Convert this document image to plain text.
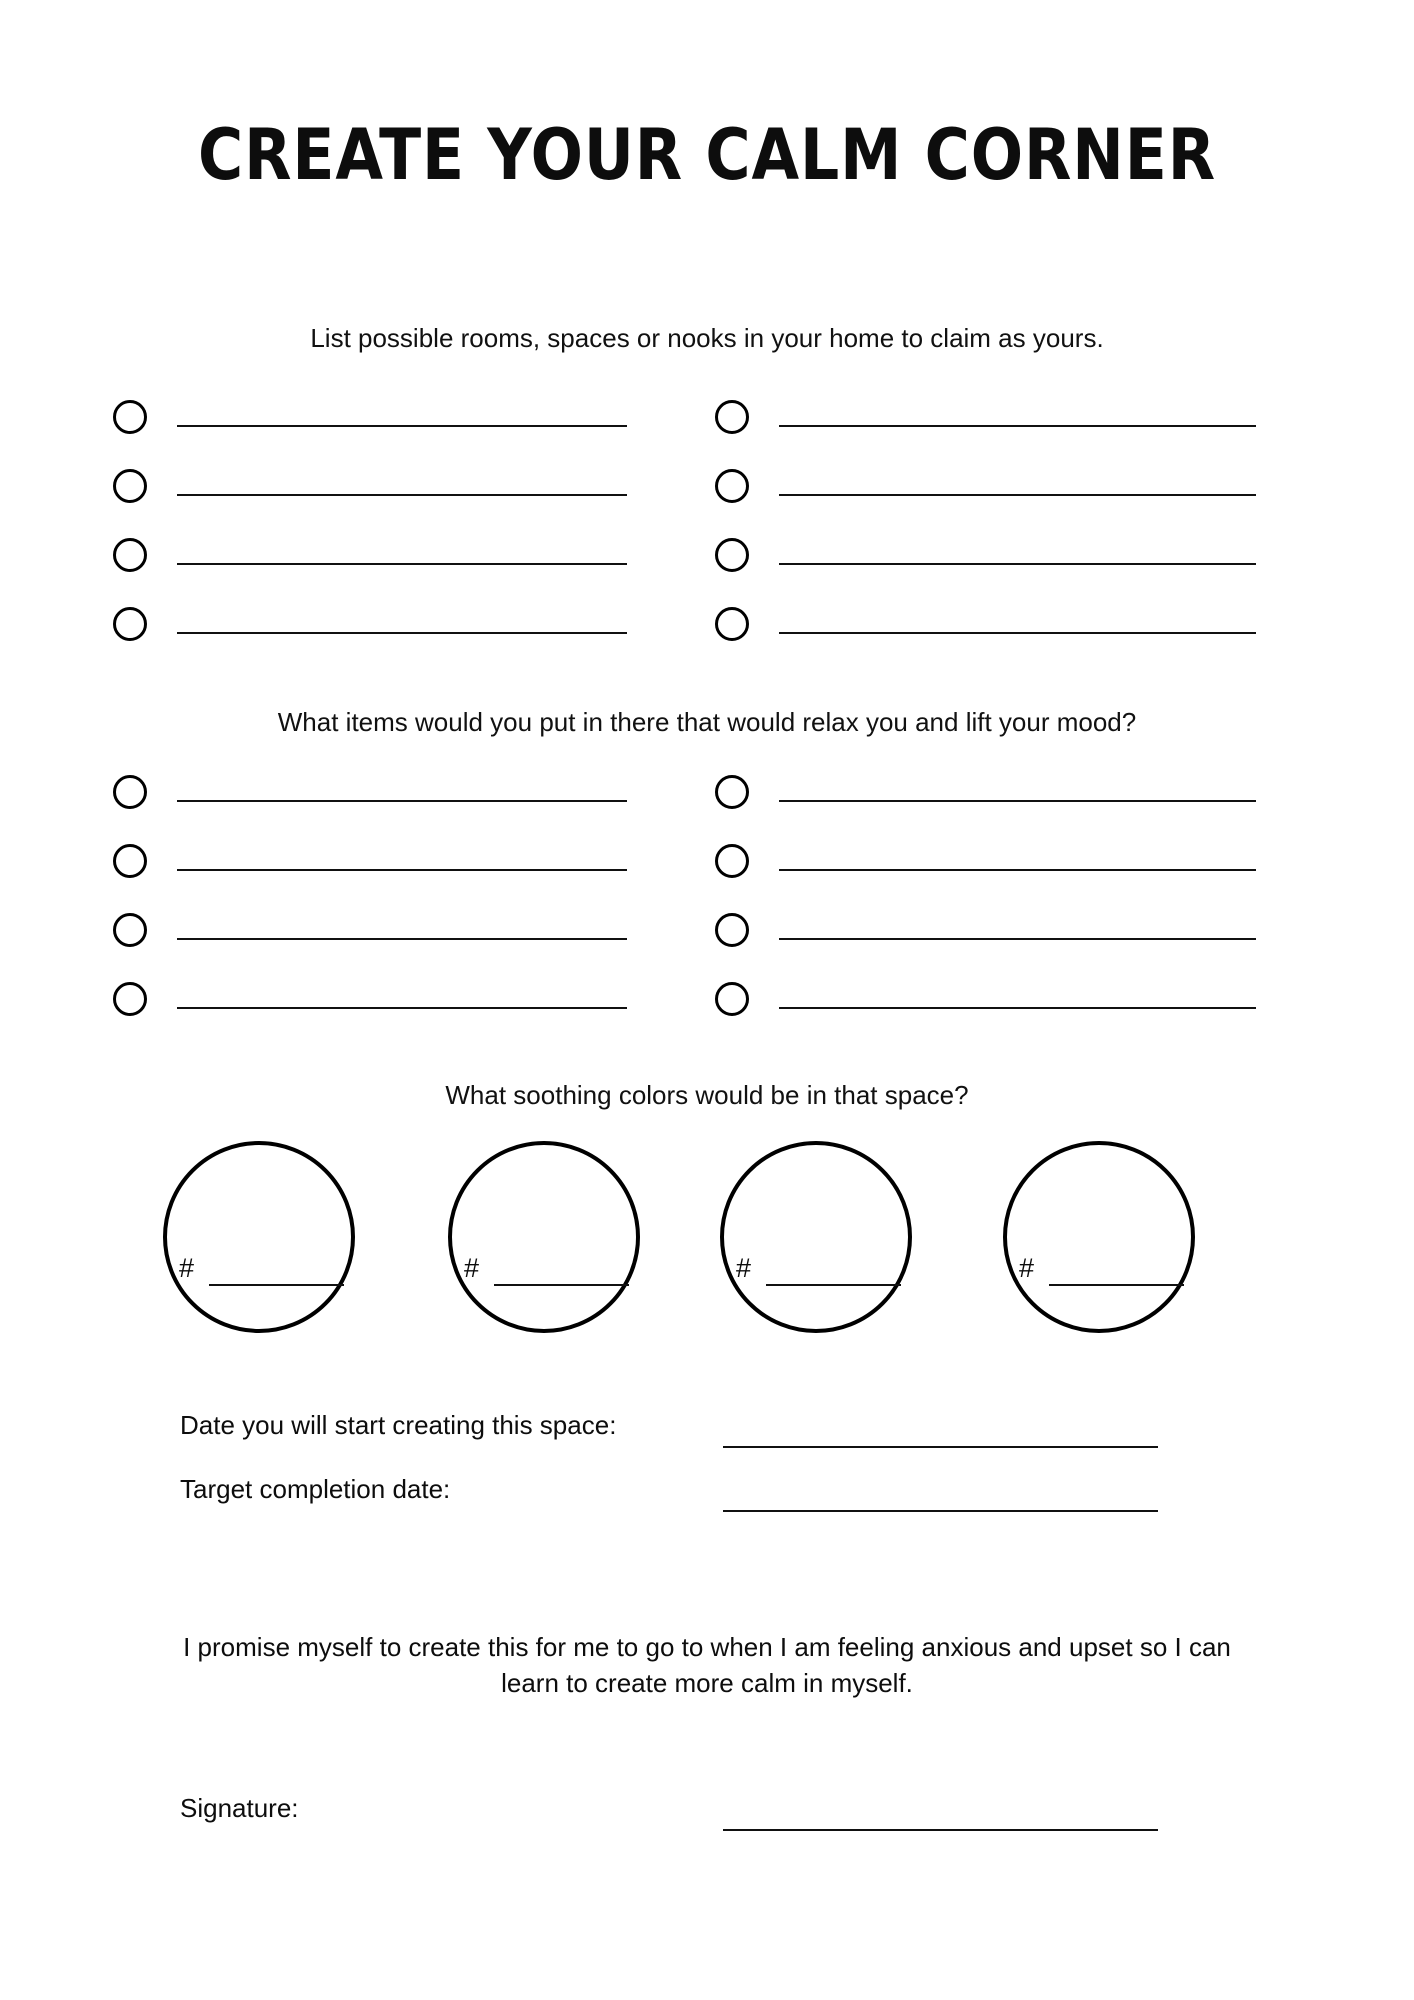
CREATE YOUR CALM CORNER
List possible rooms, spaces or nooks in your home to claim as yours.
What items would you put in there that would relax you and lift your mood?
What soothing colors would be in that space?
#	#	#	#
Date you will start creating this space:
Target completion date:
I promise myself to create this for me to go to when I am feeling anxious and upset so I can learn to create more calm in myself.
Signature:
